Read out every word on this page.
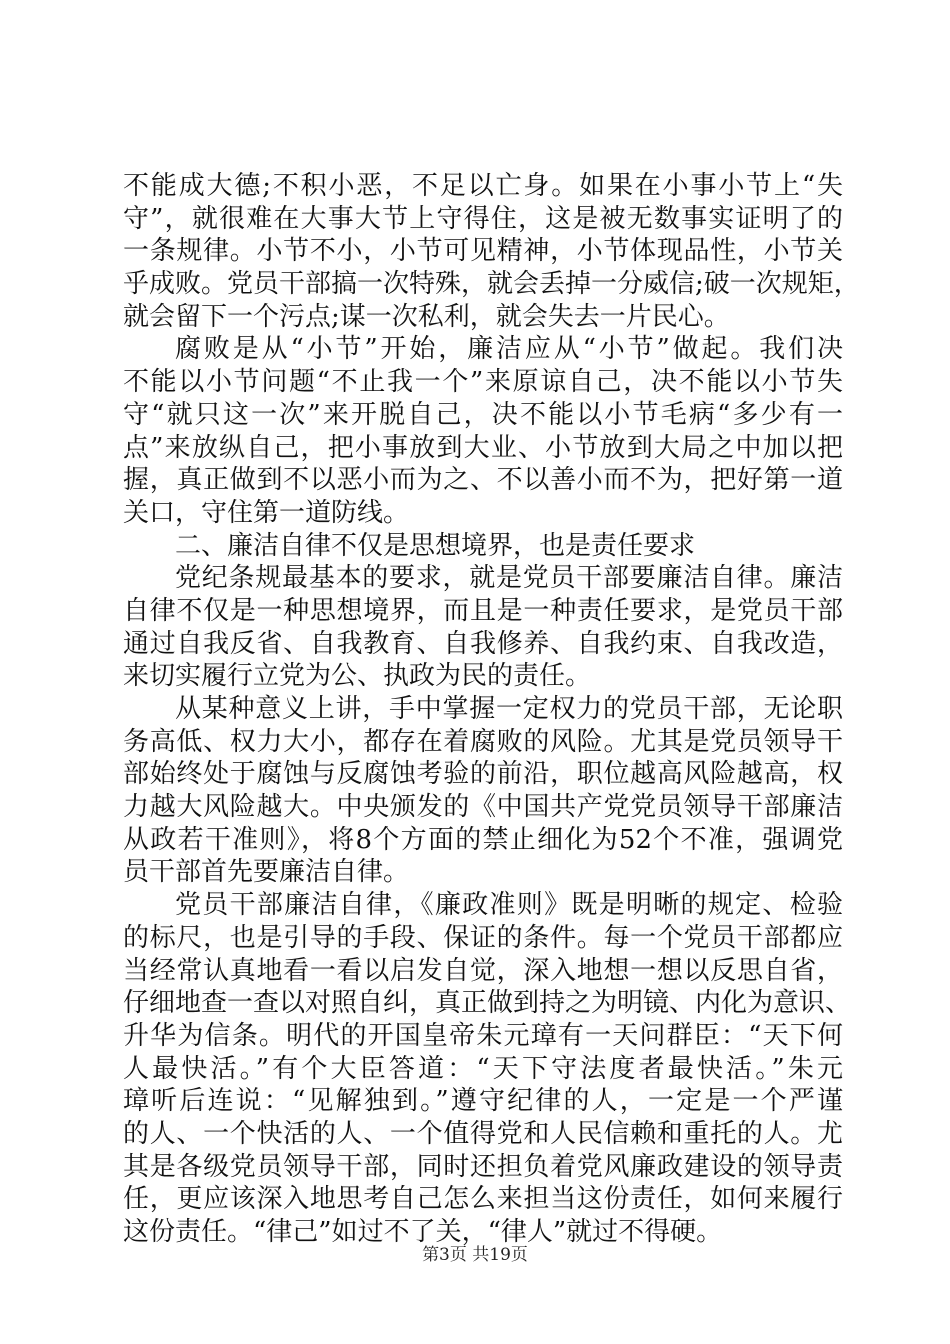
不能成大德;不积小恶，不足以亡身。如果在小事小节上“失
守”，就很难在大事大节上守得住，这是被无数事实证明了的
一条规律。小节不小，小节可见精神，小节体现品性，小节关
乎成败。党员干部搞一次特殊，就会丢掉一分威信;破一次规矩，
就会留下一个污点;谋一次私利，就会失去一片民心。
腐败是从“小节”开始，廉洁应从“小节”做起。我们决
不能以小节问题“不止我一个”来原谅自己，决不能以小节失
守“就只这一次”来开脱自己，决不能以小节毛病“多少有一
点”来放纵自己，把小事放到大业、小节放到大局之中加以把
握，真正做到不以恶小而为之、不以善小而不为，把好第一道
关口，守住第一道防线。
二、廉洁自律不仅是思想境界，也是责任要求
党纪条规最基本的要求，就是党员干部要廉洁自律。廉洁
自律不仅是一种思想境界，而且是一种责任要求，是党员干部
通过自我反省、自我教育、自我修养、自我约束、自我改造，
来切实履行立党为公、执政为民的责任。
从某种意义上讲，手中掌握一定权力的党员干部，无论职
务高低、权力大小，都存在着腐败的风险。尤其是党员领导干
部始终处于腐蚀与反腐蚀考验的前沿，职位越高风险越高，权
力越大风险越大。中央颁发的《中国共产党党员领导干部廉洁
从政若干准则》，将8个方面的禁止细化为52个不准，强调党
员干部首先要廉洁自律。
党员干部廉洁自律，《廉政准则》既是明晰的规定、检验
的标尺，也是引导的手段、保证的条件。每一个党员干部都应
当经常认真地看一看以启发自觉，深入地想一想以反思自省，
仔细地查一查以对照自纠，真正做到持之为明镜、内化为意识、
升华为信条。明代的开国皇帝朱元璋有一天问群臣：“天下何
人最快活。”有个大臣答道：“天下守法度者最快活。”朱元
璋听后连说：“见解独到。”遵守纪律的人，一定是一个严谨
的人、一个快活的人、一个值得党和人民信赖和重托的人。尤
其是各级党员领导干部，同时还担负着党风廉政建设的领导责
任，更应该深入地思考自己怎么来担当这份责任，如何来履行
这份责任。“律己”如过不了关，“律人”就过不得硬。
第3页 共19页
